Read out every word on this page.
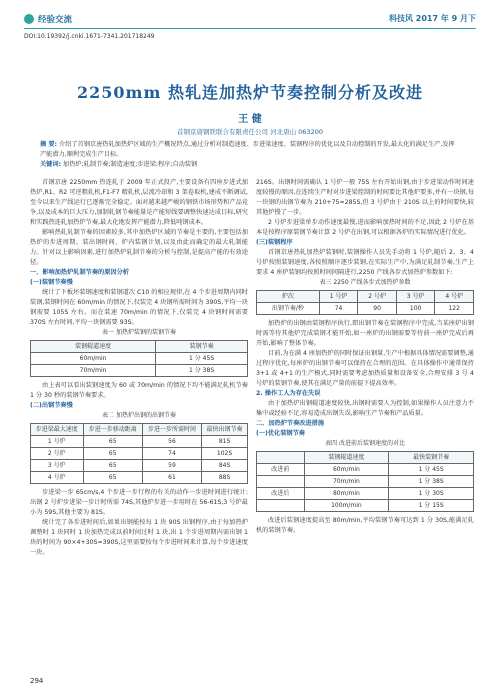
经验交流	科技风 2017 年 9 月下
DOI:10.19392/j.cnki.1671-7341.201718249
2250mm 热轧连加热炉节奏控制分析及改进
王 健
首钢京唐钢铁联合有限责任公司 河北唐山 063200
摘 要: 介绍了首钢京唐热轧加热炉区域的生产概况特点,通过分析对制造速度、步进梁速度、装钢程序的优化以及自动控制的开发,最大化的满足生产,发挥产能潜力,顺利完成生产目标。
关键词: 加热炉;轧制节奏;制造速度;步进梁;程序;自动装钢

首钢京唐 2250mm 热连轧于 2009 年正式投产,主要设备有四座步进式加热炉,R1、R2 可逆粗轧机,F1-F7 精轧机,层流冷却和 3 架卷取机,建成不断调试,至今以来生产线运行已逐渐完全稳定。面对越来越严峻的钢铁市场形势和产品竞争,以及成本的巨大压力,加制轧钢节奏能量是产能短线要调整快速达成目标,研究和实践热连轧加热炉节奏,最大化地发挥产能潜力,降低吨钢成本。

影响热轧轧制节奏的因素较多,其中加热炉区域的节奏是主要的,主要包括加热炉的步进周期、装出钢时间、炉内装钢计划,以及由此而确定的最大轧制能力。针对以上影响因素,进行加热炉轧制节奏的分析与控制,是提高产能的有效途径。

一、影响加热炉轧制节奏的原因分析

(一)装钢节奏慢

统计了下板坯装钢速度和装钢道次 C10 的相应规律,在 4 个步进周期内同时装钢,装钢时间在 60m/min 的情况下,仅装完 4 块钢所需时间为 390S,平均一块钢需要 105S 左右。而在装速 70m/min 的情况下,仅装完 4 块钢时间需要 370S 左右时间,平均一块钢需要 93S。

表一 加热炉装钢的装钢节奏

装钢辊道速度	装钢节奏
60m/min	1 分 45S
70m/min	1 分 38S

由上表可以看出装钢速度为 60 或 70m/min 的情况下均不能满足轧机节奏 1 分 30 秒的装钢节奏要求。

(二)出钢节奏慢

表二 加热炉出钢的出钢节奏

步进梁最大速度	步进一步移动距离	步进一步所需时间	最快出钢节奏
1 号炉	65	56	81S
2 号炉	65	74	102S
3 号炉	65	59	84S
4 号炉	65	61	88S

步进梁一步 65cm/s,4 个步进一步行程的有关的动作一步进时间进行统计:出钢 2 号炉步进梁一步计时所需 74S,其他炉步进一步用时在 56-61S,3 号炉最小为 59S,其他主要为 81S。

统计完了各步进时间后,如果出钢能按每 1 块 90S 出钢程序,由于每加热炉调整时 1 块同时 1 块加热完成以前时间过时 1 块,出 1 个步进周期内需出钢 1 块的时间为 90×4+30S=390S,这里需要按每个步进时间来计算,每个步进速度一块。

216S。出钢时间需确认 1 号炉一般 75S 左右开始出钢,由于步进梁动作时间速度较慢的原因,在连续生产时对步进梁控制的时间要比其他炉要多,并有一块钢,每一块钢的出钢节奏为 210+75=285S,但 3 号炉由于 210S 以上的时间要快,较其他炉慢了一步。

2 号炉步进梁单步动作速度最慢,进而影响加热时间的不足,因此 2 号炉在基本是按程序原装钢节奏计算 2 号炉在出钢,可以根据各炉的实际情况进行优化。

(三)装钢程序

首钢京唐热轧加热炉装钢时,装钢操作人员先手动将 1 号炉,随后 2、3、4 号炉按照装钢速度,各按照顺序逐步装钢,在实际生产中,为满足轧制节奏,生产上要求 4 座炉装钢均按照时间间隔进行,2250 产线各步式加热炉参数如下:

表三 2250 产线各步式加热炉参数

炉次	1 号炉	2 号炉	3 号炉	4 号炉
出钢节奏/秒	74	90	100	122

加热炉的出钢由装钢程序执行,即出钢节奏在装钢程序中完成,当某座炉出钢时需等待其他炉完成装钢才能开始,如一座炉的出钢需要等待前一座炉完成后再开始,影响了整体节奏。

目前,为在满 4 座加热炉的同时保证出钢量,生产中根据具体情况需要调整,通过程序优化,每座炉的出钢节奏可以保持在合理的范围。在具体操作中通常保持 3+1 或 4+1 的生产模式,同时需要考虑加热质量和设备安全,合理安排 3 号 4 号炉的装钢节奏,使其在满足产量的前提下提高效率。

2. 操作工人为存在失误

由于加热炉出钢辊道速度较快,出钢时需要人为控制,如果操作人员注意力不集中或经验不足,容易造成出钢失误,影响生产节奏和产品质量。

二、加热炉节奏改进措施

(一)优化装钢节奏

表四 改进前后装钢速度的对比

	装钢辊道速度	最快装钢节奏
改进前	60m/min	1 分 45S
	70m/min	1 分 38S
改进后	80m/min	1 分 30S
	100m/min	1 分 15S

改进后装钢速度提高至 80m/min,平均装钢节奏可达到 1 分 30S,能满足轧机的装钢节奏。

294
